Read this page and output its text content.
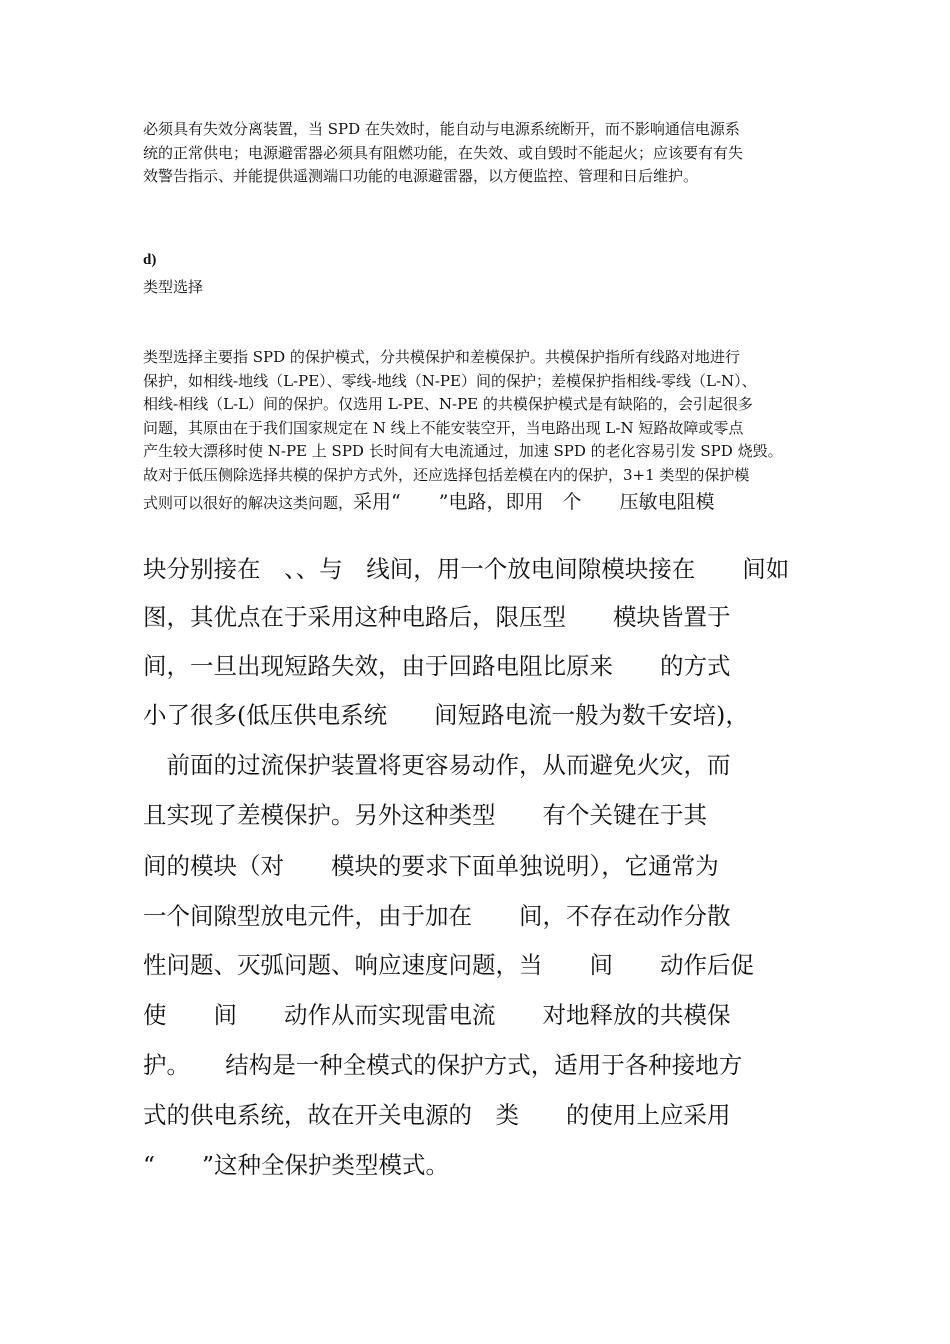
必须具有失效分离装置，当 SPD 在失效时，能自动与电源系统断开，而不影响通信电源系
统的正常供电；电源避雷器必须具有阻燃功能，在失效、或自毁时不能起火；应该要有有失
效警告指示、并能提供遥测端口功能的电源避雷器，以方便监控、管理和日后维护。
d)
类型选择
类型选择主要指 SPD 的保护模式，分共模保护和差模保护。共模保护指所有线路对地进行
保护，如相线-地线（L-PE）、零线-地线（N-PE）间的保护；差模保护指相线-零线（L-N）、
相线-相线（L-L）间的保护。仅选用 L-PE、N-PE 的共模保护模式是有缺陷的，会引起很多
问题，其原由在于我们国家规定在 N 线上不能安装空开，当电路出现 L-N 短路故障或零点
产生较大漂移时使 N-PE 上 SPD 长时间有大电流通过，加速 SPD 的老化容易引发 SPD 烧毁。
故对于低压侧除选择共模的保护方式外，还应选择包括差模在内的保护，3+1 类型的保护模
式则可以很好的解决这类问题，采用“　　”电路，即用　个　　压敏电阻模
块分别接在　、、与　线间，用一个放电间隙模块接在　　间如
图，其优点在于采用这种电路后，限压型　　模块皆置于
间，一旦出现短路失效，由于回路电阻比原来　　的方式
小了很多(低压供电系统　　间短路电流一般为数千安培)，
　前面的过流保护装置将更容易动作，从而避免火灾，而
且实现了差模保护。另外这种类型　　有个关键在于其
间的模块（对　　模块的要求下面单独说明），它通常为
一个间隙型放电元件，由于加在　　间，不存在动作分散
性问题、灭弧问题、响应速度问题，当　　间　　动作后促
使　　间　　动作从而实现雷电流　　对地释放的共模保
护。　　结构是一种全模式的保护方式，适用于各种接地方
式的供电系统，故在开关电源的　类　　的使用上应采用
“　　”这种全保护类型模式。
